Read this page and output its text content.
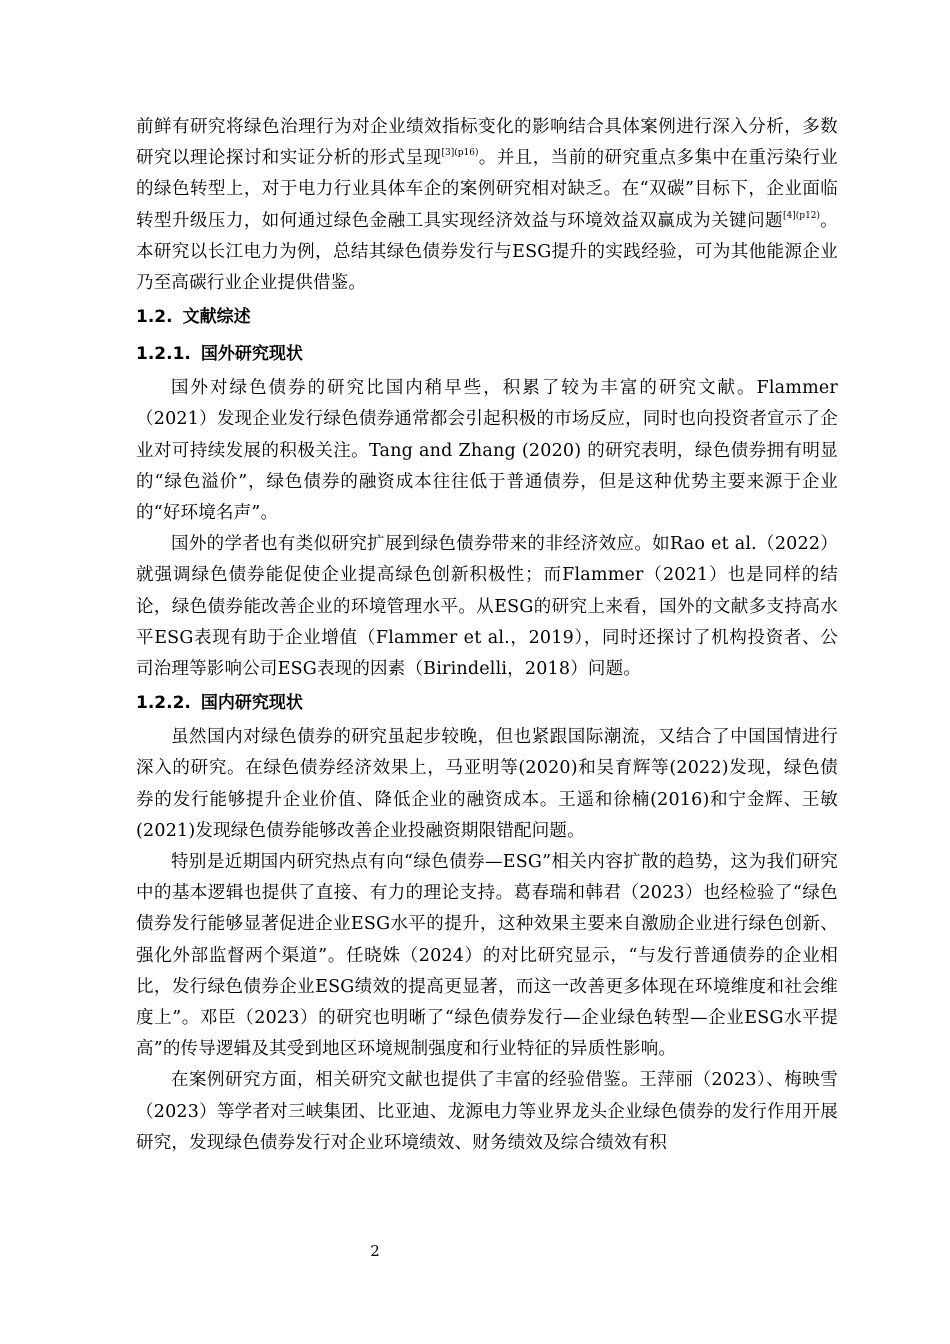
前鲜有研究将绿色治理行为对企业绩效指标变化的影响结合具体案例进行深入分析，多数研究以理论探讨和实证分析的形式呈现$^{[3](p16)}$。并且，当前的研究重点多集中在重污染行业的绿色转型上，对于电力行业具体车企的案例研究相对缺乏。在“双碳”目标下，企业面临转型升级压力，如何通过绿色金融工具实现经济效益与环境效益双赢成为关键问题$^{[4](p12)}$。本研究以长江电力为例，总结其绿色债券发行与ESG提升的实践经验，可为其他能源企业乃至高碳行业企业提供借鉴。

1.2. 文献综述
1.2.1. 国外研究现状

国外对绿色债券的研究比国内稍早些，积累了较为丰富的研究文献。Flammer（2021）发现企业发行绿色债券通常都会引起积极的市场反应，同时也向投资者宣示了企业对可持续发展的积极关注。Tang and Zhang (2020) 的研究表明，绿色债券拥有明显的“绿色溢价”，绿色债券的融资成本往往低于普通债券，但是这种优势主要来源于企业的“好环境名声”。

国外的学者也有类似研究扩展到绿色债券带来的非经济效应。如Rao et al.（2022）就强调绿色债券能促使企业提高绿色创新积极性；而Flammer（2021）也是同样的结论，绿色债券能改善企业的环境管理水平。从ESG的研究上来看，国外的文献多支持高水平ESG表现有助于企业增值（Flammer et al.，2019），同时还探讨了机构投资者、公司治理等影响公司ESG表现的因素（Birindelli，2018）问题。

1.2.2. 国内研究现状

虽然国内对绿色债券的研究虽起步较晚，但也紧跟国际潮流，又结合了中国国情进行深入的研究。在绿色债券经济效果上，马亚明等(2020)和吴育辉等(2022)发现，绿色债券的发行能够提升企业价值、降低企业的融资成本。王遥和徐楠(2016)和宁金辉、王敏(2021)发现绿色债券能够改善企业投融资期限错配问题。

特别是近期国内研究热点有向“绿色债券—ESG”相关内容扩散的趋势，这为我们研究中的基本逻辑也提供了直接、有力的理论支持。葛春瑞和韩君（2023）也经检验了“绿色债券发行能够显著促进企业ESG水平的提升，这种效果主要来自激励企业进行绿色创新、强化外部监督两个渠道”。任晓姝（2024）的对比研究显示，“与发行普通债券的企业相比，发行绿色债券企业ESG绩效的提高更显著，而这一改善更多体现在环境维度和社会维度上”。邓臣（2023）的研究也明晰了“绿色债券发行—企业绿色转型—企业ESG水平提高”的传导逻辑及其受到地区环境规制强度和行业特征的异质性影响。

在案例研究方面，相关研究文献也提供了丰富的经验借鉴。王萍丽（2023）、梅映雪（2023）等学者对三峡集团、比亚迪、龙源电力等业界龙头企业绿色债券的发行作用开展研究，发现绿色债券发行对企业环境绩效、财务绩效及综合绩效有积

2
